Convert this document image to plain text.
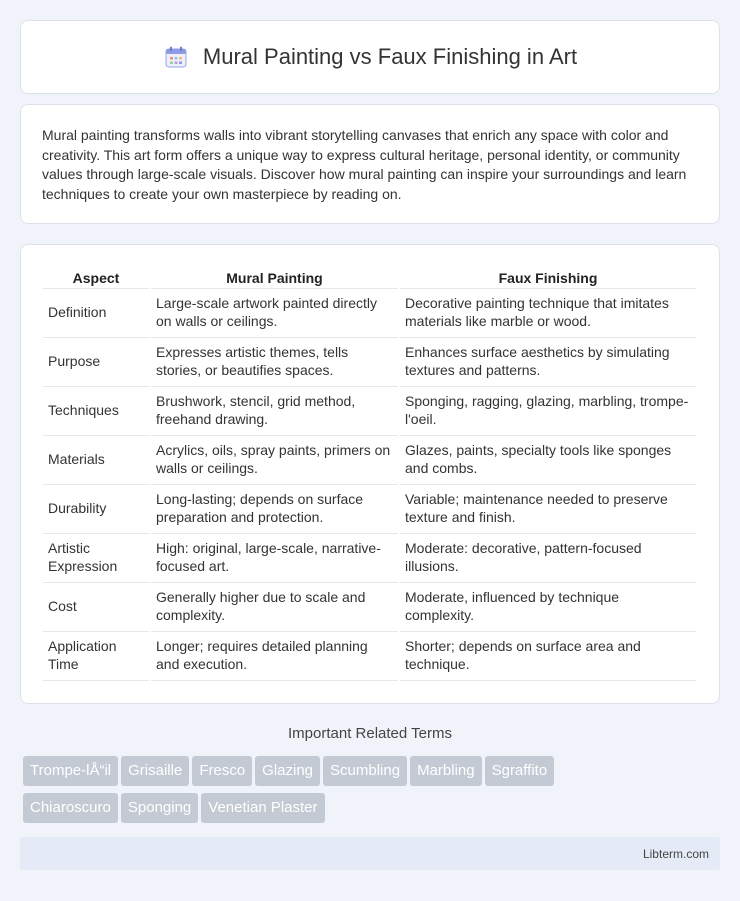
Mural Painting vs Faux Finishing in Art

Mural painting transforms walls into vibrant storytelling canvases that enrich any space with color and creativity. This art form offers a unique way to express cultural heritage, personal identity, or community values through large-scale visuals. Discover how mural painting can inspire your surroundings and learn techniques to create your own masterpiece by reading on.

Aspect	Mural Painting	Faux Finishing
Definition	Large-scale artwork painted directly on walls or ceilings.	Decorative painting technique that imitates materials like marble or wood.
Purpose	Expresses artistic themes, tells stories, or beautifies spaces.	Enhances surface aesthetics by simulating textures and patterns.
Techniques	Brushwork, stencil, grid method, freehand drawing.	Sponging, ragging, glazing, marbling, trompe-l'oeil.
Materials	Acrylics, oils, spray paints, primers on walls or ceilings.	Glazes, paints, specialty tools like sponges and combs.
Durability	Long-lasting; depends on surface preparation and protection.	Variable; maintenance needed to preserve texture and finish.
Artistic Expression	High: original, large-scale, narrative-focused art.	Moderate: decorative, pattern-focused illusions.
Cost	Generally higher due to scale and complexity.	Moderate, influenced by technique complexity.
Application Time	Longer; requires detailed planning and execution.	Shorter; depends on surface area and technique.
Important Related Terms
Trompe-lÅ“il Grisaille Fresco Glazing Scumbling Marbling Sgraffito
Chiaroscuro Sponging Venetian Plaster
Libterm.com
